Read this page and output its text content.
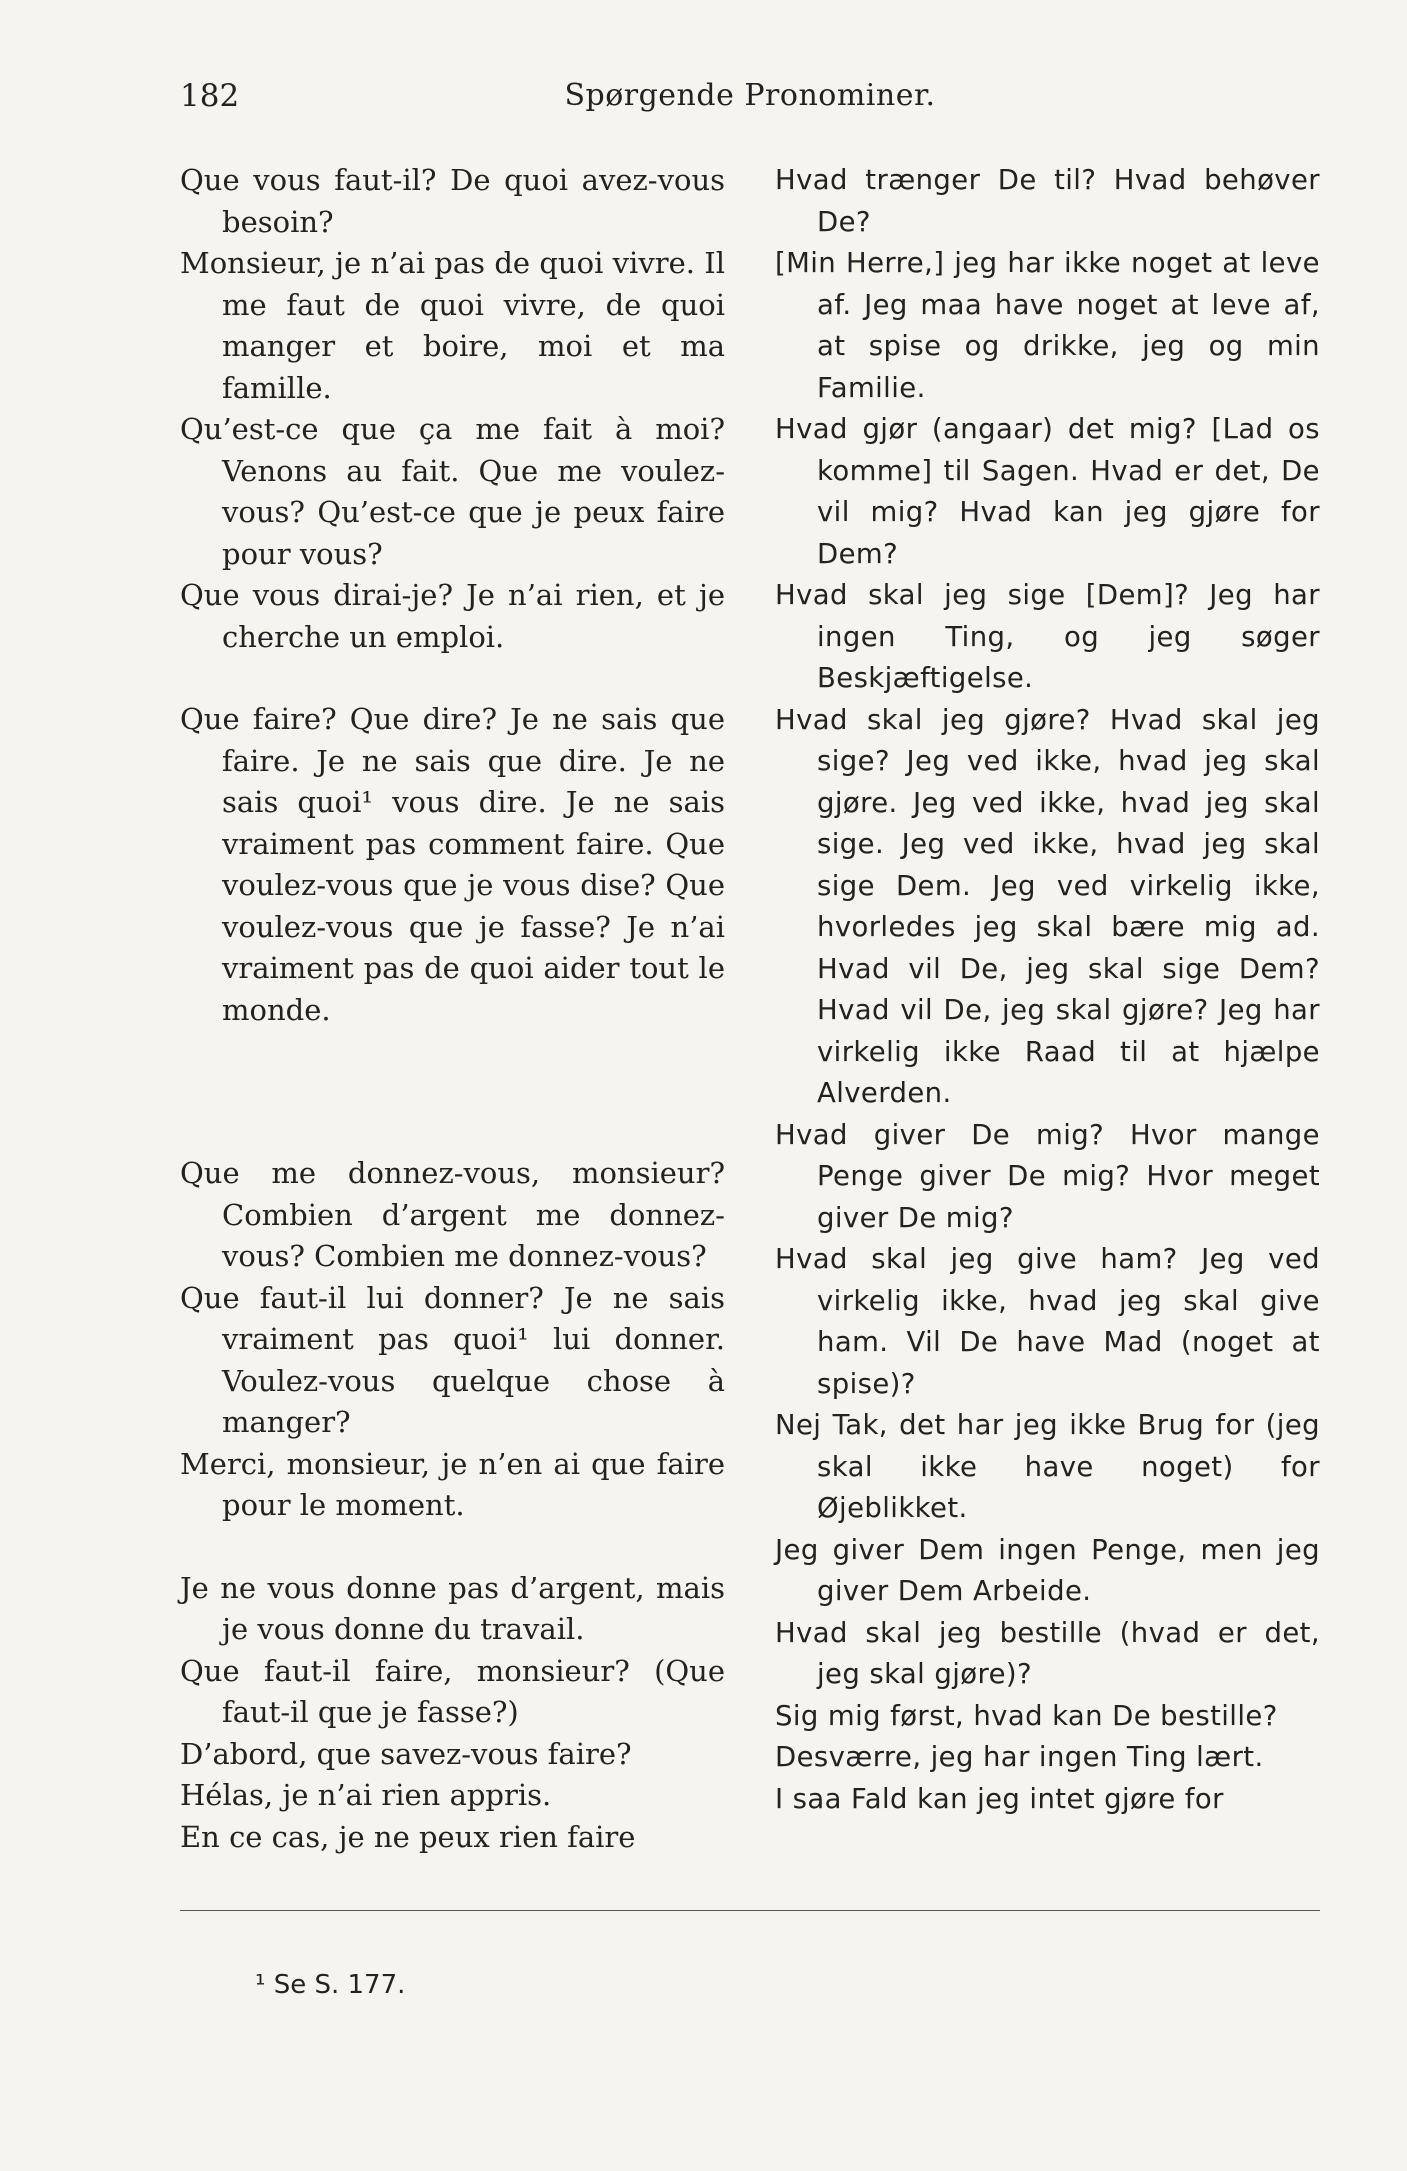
182	Spørgende Pronominer.

Que vous faut-il? De quoi avez-vous besoin?

Monsieur, je n’ai pas de quoi vivre. Il me faut de quoi vivre, de quoi manger et boire, moi et ma famille.

Qu’est-ce que ça me fait à moi? Venons au fait. Que me voulez-vous? Qu’est-ce que je peux faire pour vous?

Que vous dirai-je? Je n’ai rien, et je cherche un emploi.

Que faire? Que dire? Je ne sais que faire. Je ne sais que dire. Je ne sais quoi¹ vous dire. Je ne sais vraiment pas comment faire. Que voulez-vous que je vous dise? Que voulez-vous que je fasse? Je n’ai vraiment pas de quoi aider tout le monde.

Que me donnez-vous, monsieur? Combien d’argent me donnez-vous? Combien me donnez-vous?

Que faut-il lui donner? Je ne sais vraiment pas quoi¹ lui donner. Voulez-vous quelque chose à manger?

Merci, monsieur, je n’en ai que faire pour le moment.

Je ne vous donne pas d’argent, mais je vous donne du travail.

Que faut-il faire, monsieur? (Que faut-il que je fasse?)

D’abord, que savez-vous faire?

Hélas, je n’ai rien appris.

En ce cas, je ne peux rien faire

Hvad trænger De til? Hvad behøver De?

[Min Herre,] jeg har ikke noget at leve af. Jeg maa have noget at leve af, at spise og drikke, jeg og min Familie.

Hvad gjør (angaar) det mig? [Lad os komme] til Sagen. Hvad er det, De vil mig? Hvad kan jeg gjøre for Dem?

Hvad skal jeg sige [Dem]? Jeg har ingen Ting, og jeg søger Beskjæftigelse.

Hvad skal jeg gjøre? Hvad skal jeg sige? Jeg ved ikke, hvad jeg skal gjøre. Jeg ved ikke, hvad jeg skal sige. Jeg ved ikke, hvad jeg skal sige Dem. Jeg ved virkelig ikke, hvorledes jeg skal bære mig ad. Hvad vil De, jeg skal sige Dem? Hvad vil De, jeg skal gjøre? Jeg har virkelig ikke Raad til at hjælpe Alverden.

Hvad giver De mig? Hvor mange Penge giver De mig? Hvor meget giver De mig?

Hvad skal jeg give ham? Jeg ved virkelig ikke, hvad jeg skal give ham. Vil De have Mad (noget at spise)?

Nej Tak, det har jeg ikke Brug for (jeg skal ikke have noget) for Øjeblikket.

Jeg giver Dem ingen Penge, men jeg giver Dem Arbeide.

Hvad skal jeg bestille (hvad er det, jeg skal gjøre)?

Sig mig først, hvad kan De bestille?

Desværre, jeg har ingen Ting lært.

I saa Fald kan jeg intet gjøre for

¹ Se S. 177.
